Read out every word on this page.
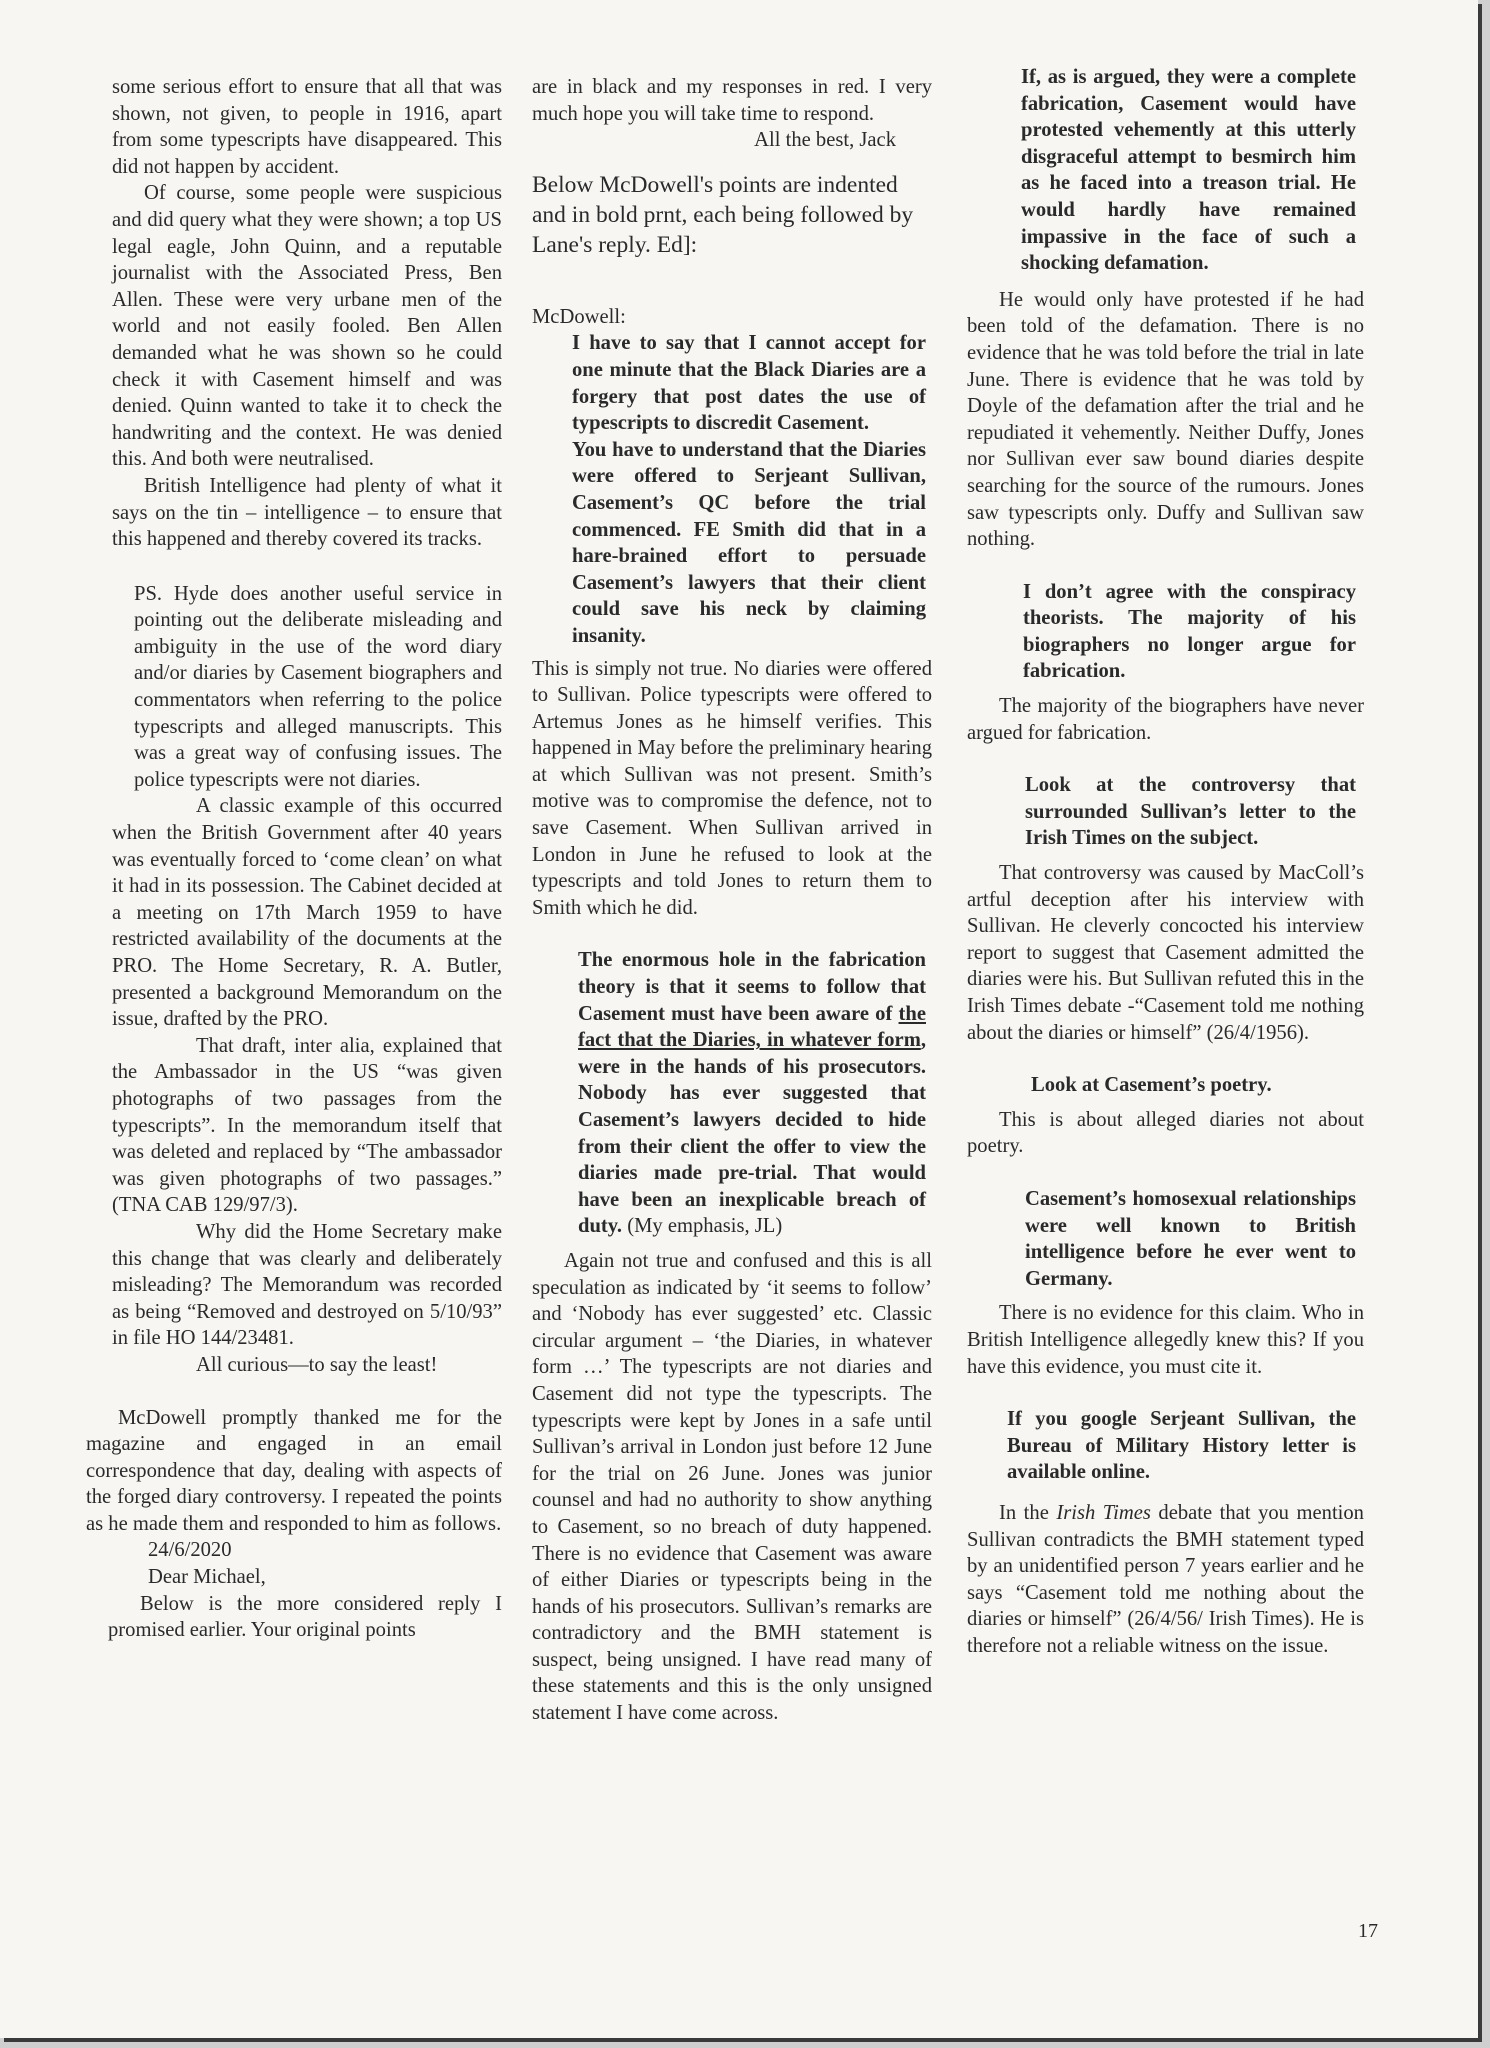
some serious effort to ensure that all that was shown, not given, to people in 1916, apart from some typescripts have disappeared. This did not happen by accident.

Of course, some people were suspicious and did query what they were shown; a top US legal eagle, John Quinn, and a reputable journalist with the Associated Press, Ben Allen. These were very urbane men of the world and not easily fooled. Ben Allen demanded what he was shown so he could check it with Casement himself and was denied. Quinn wanted to take it to check the handwriting and the context. He was denied this. And both were neutralised.

British Intelligence had plenty of what it says on the tin – intelligence – to ensure that this happened and thereby covered its tracks.

PS. Hyde does another useful service in pointing out the deliberate misleading and ambiguity in the use of the word diary and/or diaries by Casement biographers and commentators when referring to the police typescripts and alleged manuscripts. This was a great way of confusing issues. The police typescripts were not diaries.

A classic example of this occurred when the British Government after 40 years was eventually forced to ‘come clean’ on what it had in its possession. The Cabinet decided at a meeting on 17th March 1959 to have restricted availability of the documents at the PRO. The Home Secretary, R. A. Butler, presented a background Memorandum on the issue, drafted by the PRO.

That draft, inter alia, explained that the Ambassador in the US “was given photographs of two passages from the typescripts”. In the memorandum itself that was deleted and replaced by “The ambassador was given photographs of two passages.” (TNA CAB 129/97/3).

Why did the Home Secretary make this change that was clearly and deliberately misleading? The Memorandum was recorded as being “Removed and destroyed on 5/10/93” in file HO 144/23481.

All curious—to say the least!

McDowell promptly thanked me for the magazine and engaged in an email correspondence that day, dealing with aspects of the forged diary controversy. I repeated the points as he made them and responded to him as follows.

24/6/2020

Dear Michael,

Below is the more considered reply I promised earlier. Your original points

are in black and my responses in red. I very much hope you will take time to respond.

All the best, Jack

Below McDowell's points are indented and in bold prnt, each being followed by Lane's reply. Ed]:

McDowell:

I have to say that I cannot accept for one minute that the Black Diaries are a forgery that post dates the use of typescripts to discredit Casement.

You have to understand that the Diaries were offered to Serjeant Sullivan, Casement’s QC before the trial commenced. FE Smith did that in a hare-brained effort to persuade Casement’s lawyers that their client could save his neck by claiming insanity.

This is simply not true. No diaries were offered to Sullivan. Police typescripts were offered to Artemus Jones as he himself verifies. This happened in May before the preliminary hearing at which Sullivan was not present. Smith’s motive was to compromise the defence, not to save Casement. When Sullivan arrived in London in June he refused to look at the typescripts and told Jones to return them to Smith which he did.

The enormous hole in the fabrication theory is that it seems to follow that Casement must have been aware of the fact that the Diaries, in whatever form, were in the hands of his prosecutors. Nobody has ever suggested that Casement’s lawyers decided to hide from their client the offer to view the diaries made pre-trial. That would have been an inexplicable breach of duty. (My emphasis, JL)

Again not true and confused and this is all speculation as indicated by ‘it seems to follow’ and ‘Nobody has ever suggested’ etc. Classic circular argument – ‘the Diaries, in whatever form …’ The typescripts are not diaries and Casement did not type the typescripts. The typescripts were kept by Jones in a safe until Sullivan’s arrival in London just before 12 June for the trial on 26 June. Jones was junior counsel and had no authority to show anything to Casement, so no breach of duty happened. There is no evidence that Casement was aware of either Diaries or typescripts being in the hands of his prosecutors. Sullivan’s remarks are contradictory and the BMH statement is suspect, being unsigned. I have read many of these statements and this is the only unsigned statement I have come across.

If, as is argued, they were a complete fabrication, Casement would have protested vehemently at this utterly disgraceful attempt to besmirch him as he faced into a treason trial. He would hardly have remained impassive in the face of such a shocking defamation.

He would only have protested if he had been told of the defamation. There is no evidence that he was told before the trial in late June. There is evidence that he was told by Doyle of the defamation after the trial and he repudiated it vehemently. Neither Duffy, Jones nor Sullivan ever saw bound diaries despite searching for the source of the rumours. Jones saw typescripts only. Duffy and Sullivan saw nothing.

I don’t agree with the conspiracy theorists. The majority of his biographers no longer argue for fabrication.

The majority of the biographers have never argued for fabrication.

Look at the controversy that surrounded Sullivan’s letter to the Irish Times on the subject.

That controversy was caused by MacColl’s artful deception after his interview with Sullivan. He cleverly concocted his interview report to suggest that Casement admitted the diaries were his. But Sullivan refuted this in the Irish Times debate -“Casement told me nothing about the diaries or himself” (26/4/1956).

Look at Casement’s poetry.

This is about alleged diaries not about poetry.

Casement’s homosexual relationships were well known to British intelligence before he ever went to Germany.

There is no evidence for this claim. Who in British Intelligence allegedly knew this? If you have this evidence, you must cite it.

If you google Serjeant Sullivan, the Bureau of Military History letter is available online.

In the Irish Times debate that you mention Sullivan contradicts the BMH statement typed by an unidentified person 7 years earlier and he says “Casement told me nothing about the diaries or himself” (26/4/56/ Irish Times). He is therefore not a reliable witness on the issue.

17
